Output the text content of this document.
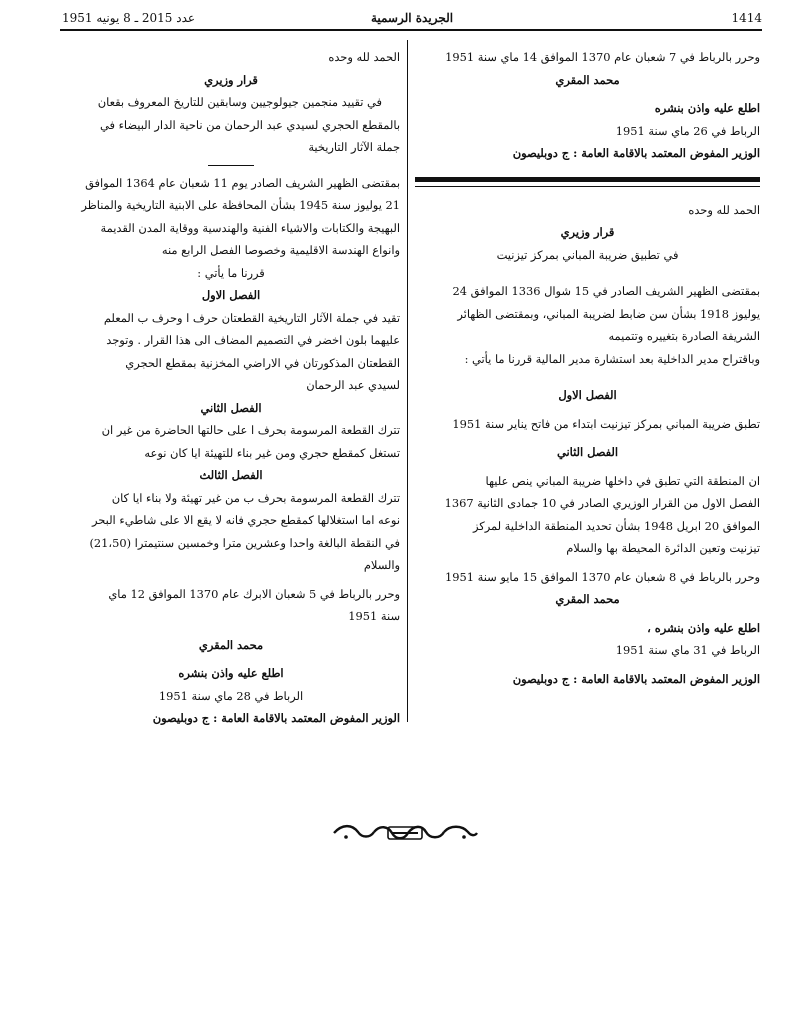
1414
الجريدة الرسمية
عدد 2015 ـ 8 يونيه 1951

وحرر بالرباط في 7 شعبان عام 1370 الموافق 14 ماي سنة 1951

محمد المقري

اطلع عليه واذن بنشره

الرباط في 26 ماي سنة 1951

الوزير المفوض المعتمد بالاقامة العامة : ج دوبليصون

الحمد لله وحده

قرار وزيري

في تطبيق ضريبة المباني بمركز تيزنيت

بمقتضى الظهير الشريف الصادر في 15 شوال 1336 الموافق 24

يوليوز 1918 بشأن سن ضابط لضريبة المباني، وبمقتضى الظهائر

الشريفة الصادرة بتغييره وتتميمه

وباقتراح مدير الداخلية بعد استشارة مدير المالية قررنا ما يأتي :

الفصل الاول

تطبق ضريبة المباني بمركز تيزنيت ابتداء من فاتح يناير سنة 1951

الفصل الثاني

ان المنطقة التي تطبق في داخلها ضريبة المباني ينص عليها

الفصل الاول من القرار الوزيري الصادر في 10 جمادى الثانية 1367

الموافق 20 ابريل 1948 بشأن تحديد المنطقة الداخلية لمركز

تيزنيت وتعين الدائرة المحيطة بها والسلام

وحرر بالرباط في 8 شعبان عام 1370 الموافق 15 مايو سنة 1951

محمد المقري

اطلع عليه واذن بنشره ،

الرباط في 31 ماي سنة 1951

الوزير المفوض المعتمد بالاقامة العامة : ج دوبليصون

الحمد لله وحده

قرار وزيري

في تقييد منجمين جيولوجيين وسابقين للتاريخ المعروف بقعان

بالمقطع الحجري لسيدي عبد الرحمان من ناحية الدار البيضاء في

جملة الآثار التاريخية

بمقتضى الظهير الشريف الصادر يوم 11 شعبان عام 1364 الموافق

21 يوليوز سنة 1945 بشأن المحافظة على الابنية التاريخية والمناظر

البهيجة والكتابات والاشياء الفنية والهندسية ووقاية المدن القديمة

وانواع الهندسة الاقليمية وخصوصا الفصل الرابع منه

قررنا ما يأتي :

الفصل الاول

تقيد في جملة الآثار التاريخية القطعتان حرف ا وحرف ب المعلم

عليهما بلون اخضر في التصميم المضاف الى هذا القرار . وتوجد

القطعتان المذكورتان في الاراضي المخزنية بمقطع الحجري

لسيدي عبد الرحمان

الفصل الثاني

تترك القطعة المرسومة بحرف ا على حالتها الحاضرة من غير ان

تستغل كمقطع حجري ومن غير بناء للتهيئة ايا كان نوعه

الفصل الثالث

تترك القطعة المرسومة بحرف ب من غير تهيئة ولا بناء ايا كان

نوعه اما استغلالها كمقطع حجري فانه لا يقع الا على شاطيء البحر

في النقطة البالغة واحدا وعشرين مترا وخمسين سنتيمترا (21،50)

والسلام

وحرر بالرباط في 5 شعبان الابرك عام 1370 الموافق 12 ماي

سنة 1951

محمد المقري

اطلع عليه واذن بنشره

الرباط في 28 ماي سنة 1951

الوزير المفوض المعتمد بالاقامة العامة : ج دوبليصون
